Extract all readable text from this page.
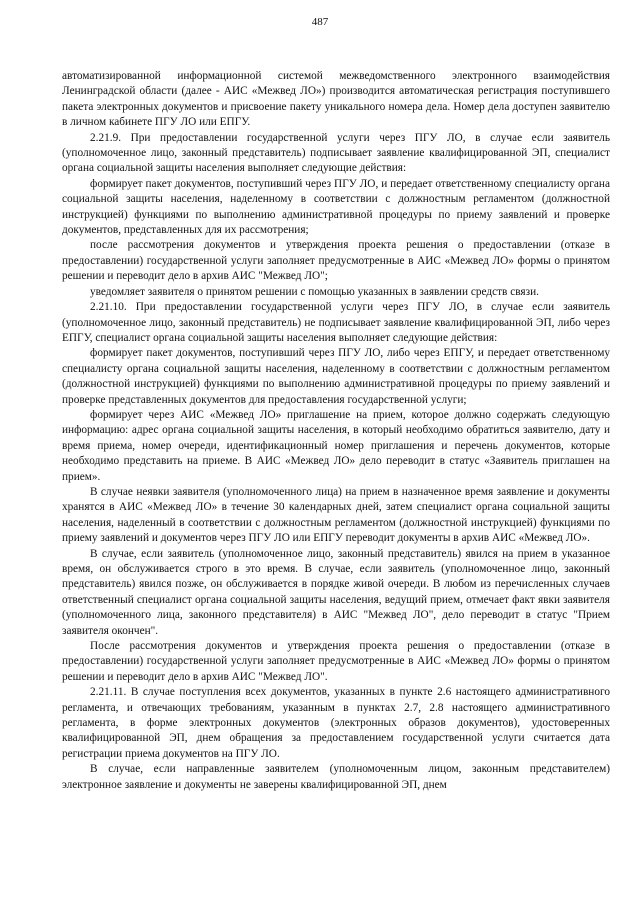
487

автоматизированной информационной системой межведомственного электронного взаимодействия Ленинградской области (далее - АИС «Межвед ЛО») производится автоматическая регистрация поступившего пакета электронных документов и присвоение пакету уникального номера дела. Номер дела доступен заявителю в личном кабинете ПГУ ЛО или ЕПГУ.

2.21.9. При предоставлении государственной услуги через ПГУ ЛО, в случае если заявитель (уполномоченное лицо, законный представитель) подписывает заявление квалифицированной ЭП, специалист органа социальной защиты населения выполняет следующие действия:

формирует пакет документов, поступивший через ПГУ ЛО, и передает ответственному специалисту органа социальной защиты населения, наделенному в соответствии с должностным регламентом (должностной инструкцией) функциями по выполнению административной процедуры по приему заявлений и проверке документов, представленных для их рассмотрения;

после рассмотрения документов и утверждения проекта решения о предоставлении (отказе в предоставлении) государственной услуги заполняет предусмотренные в АИС «Межвед ЛО» формы о принятом решении и переводит дело в архив АИС "Межвед ЛО";

уведомляет заявителя о принятом решении с помощью указанных в заявлении средств связи.

2.21.10. При предоставлении государственной услуги через ПГУ ЛО, в случае если заявитель (уполномоченное лицо, законный представитель) не подписывает заявление квалифицированной ЭП, либо через ЕПГУ, специалист органа социальной защиты населения выполняет следующие действия:

формирует пакет документов, поступивший через ПГУ ЛО, либо через ЕПГУ, и передает ответственному специалисту органа социальной защиты населения, наделенному в соответствии с должностным регламентом (должностной инструкцией) функциями по выполнению административной процедуры по приему заявлений и проверке представленных документов для предоставления государственной услуги;

формирует через АИС «Межвед ЛО» приглашение на прием, которое должно содержать следующую информацию: адрес органа социальной защиты населения, в который необходимо обратиться заявителю, дату и время приема, номер очереди, идентификационный номер приглашения и перечень документов, которые необходимо представить на приеме. В АИС «Межвед ЛО» дело переводит в статус «Заявитель приглашен на прием».

В случае неявки заявителя (уполномоченного лица) на прием в назначенное время заявление и документы хранятся в АИС «Межвед ЛО» в течение 30 календарных дней, затем специалист органа социальной защиты населения, наделенный в соответствии с должностным регламентом (должностной инструкцией) функциями по приему заявлений и документов через ПГУ ЛО или ЕПГУ переводит документы в архив АИС «Межвед ЛО».

В случае, если заявитель (уполномоченное лицо, законный представитель) явился на прием в указанное время, он обслуживается строго в это время. В случае, если заявитель (уполномоченное лицо, законный представитель) явился позже, он обслуживается в порядке живой очереди. В любом из перечисленных случаев ответственный специалист органа социальной защиты населения, ведущий прием, отмечает факт явки заявителя (уполномоченного лица, законного представителя) в АИС "Межвед ЛО", дело переводит в статус "Прием заявителя окончен".

После рассмотрения документов и утверждения проекта решения о предоставлении (отказе в предоставлении) государственной услуги заполняет предусмотренные в АИС «Межвед ЛО» формы о принятом решении и переводит дело в архив АИС "Межвед ЛО".

2.21.11. В случае поступления всех документов, указанных в пункте 2.6 настоящего административного регламента, и отвечающих требованиям, указанным в пунктах 2.7, 2.8 настоящего административного регламента, в форме электронных документов (электронных образов документов), удостоверенных квалифицированной ЭП, днем обращения за предоставлением государственной услуги считается дата регистрации приема документов на ПГУ ЛО.

В случае, если направленные заявителем (уполномоченным лицом, законным представителем) электронное заявление и документы не заверены квалифицированной ЭП, днем
